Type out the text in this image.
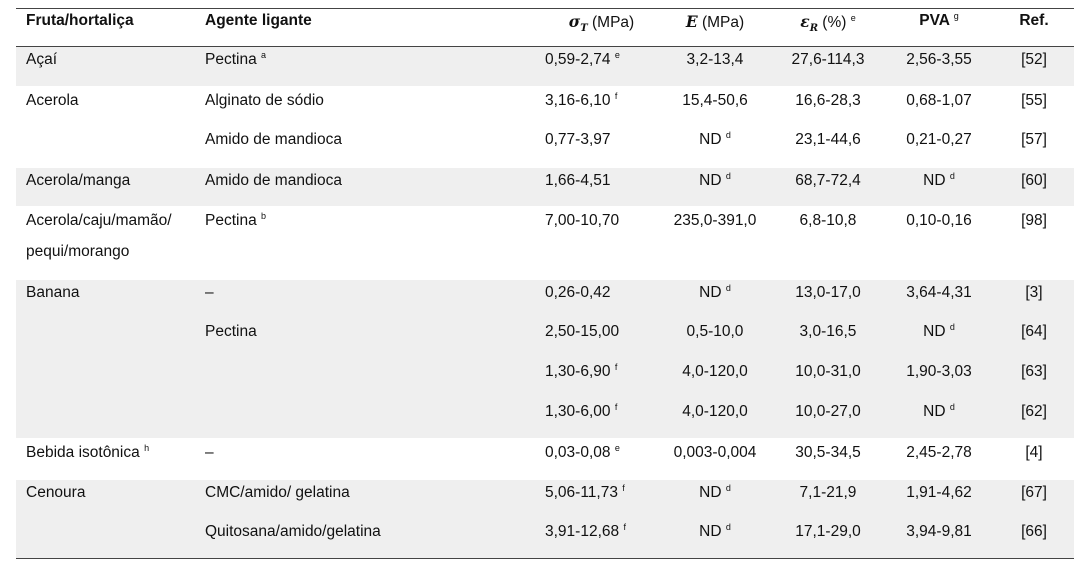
Fruta/hortaliça	Agente ligante	$\sigma_T$ (MPa)	E (MPa)	$\varepsilon_R$ (%) $^e$	PVA $^g$	Ref.

Açaí	Pectina $^a$	0,59-2,74 $^e$	3,2-13,4	27,6-114,3	2,56-3,55	[52]

Acerola	Alginato de sódio	3,16-6,10 $^f$	15,4-50,6	16,6-28,3	0,68-1,07	[55]

	Amido de mandioca	0,77-3,97	ND $^d$	23,1-44,6	0,21-0,27	[57]

Acerola/manga	Amido de mandioca	1,66-4,51	ND $^d$	68,7-72,4	ND $^d$	[60]

Acerola/caju/mamão/
pequi/morango	Pectina $^b$	7,00-10,70	235,0-391,0	6,8-10,8	0,10-0,16	[98]

Banana	–	0,26-0,42	ND $^d$	13,0-17,0	3,64-4,31	[3]

	Pectina	2,50-15,00	0,5-10,0	3,0-16,5	ND $^d$	[64]

		1,30-6,90 $^f$	4,0-120,0	10,0-31,0	1,90-3,03	[63]

		1,30-6,00 $^f$	4,0-120,0	10,0-27,0	ND $^d$	[62]

Bebida isotônica $^h$	–	0,03-0,08 $^e$	0,003-0,004	30,5-34,5	2,45-2,78	[4]

Cenoura	CMC/amido/ gelatina	5,06-11,73 $^f$	ND $^d$	7,1-21,9	1,91-4,62	[67]

	Quitosana/amido/gelatina	3,91-12,68 $^f$	ND $^d$	17,1-29,0	3,94-9,81	[66]
